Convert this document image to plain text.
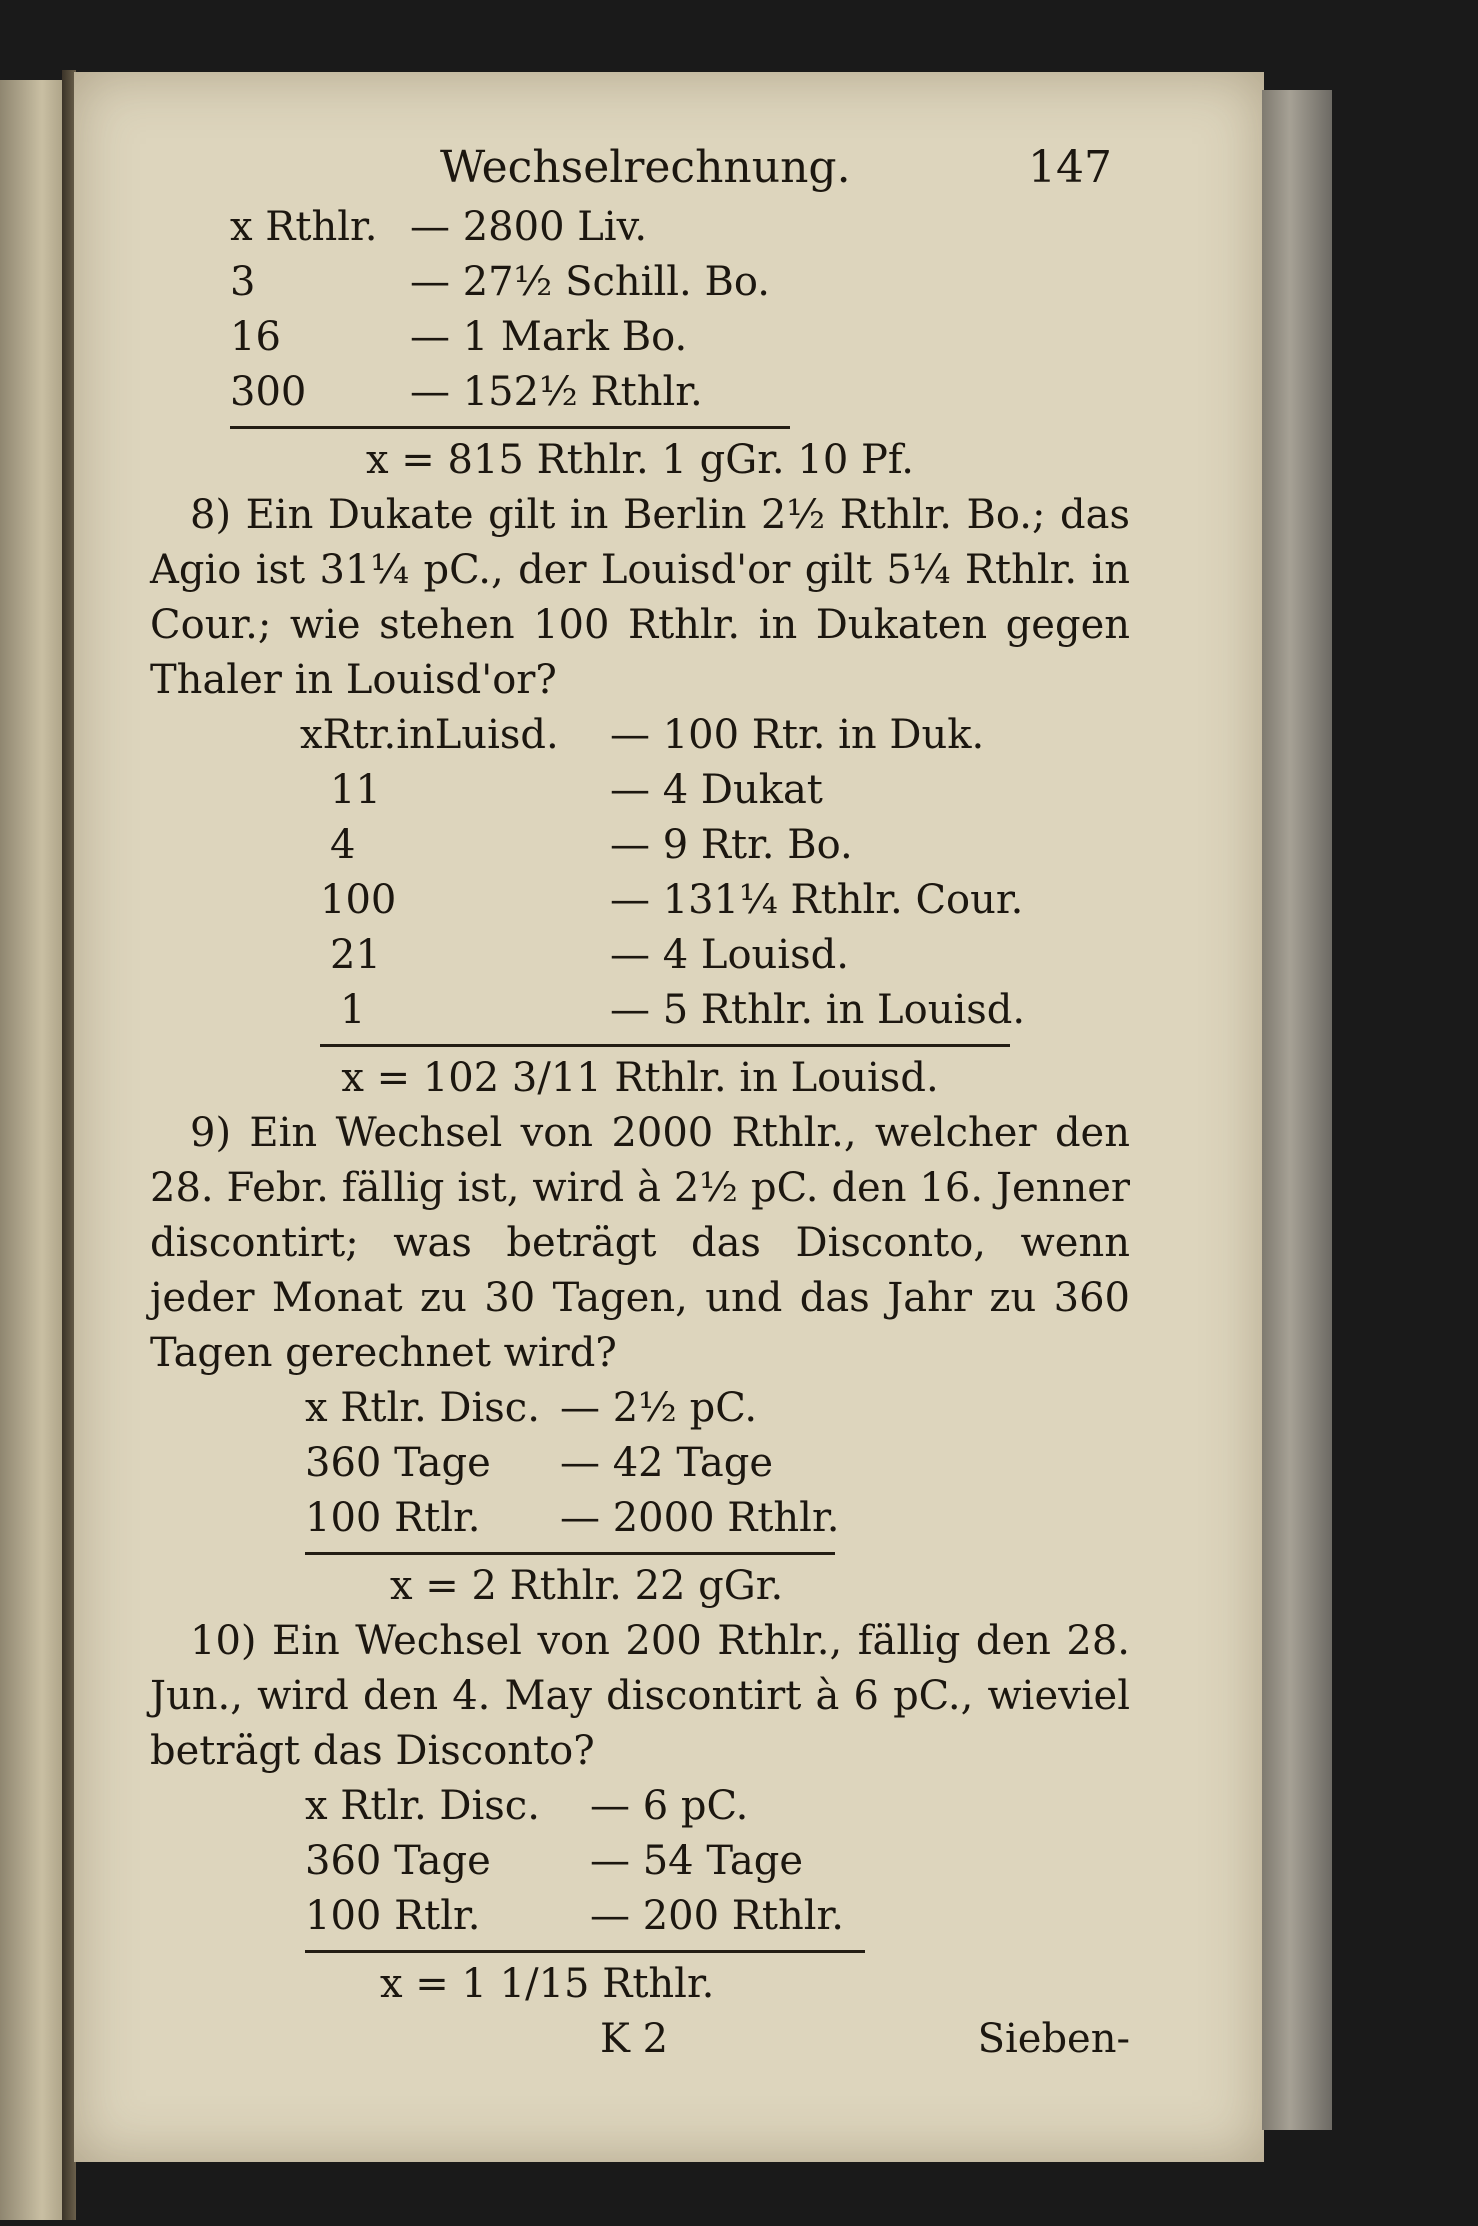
Wechselrechnung.	147
x Rthlr. — 2800 Liv.
3	— 27½ Schill. Bo.
16	— 1 Mark Bo.
300	— 152½ Rthlr.
x = 815 Rthlr. 1 gGr. 10 Pf.

8) Ein Dukate gilt in Berlin 2½ Rthlr. Bo.; das Agio ist 31¼ pC., der Louisd'or gilt 5¼ Rthlr. in Cour.; wie stehen 100 Rthlr. in Dukaten gegen Thaler in Louisd'or?

xRtr.inLuisd. — 100 Rtr. in Duk.
11	— 4 Dukat
4	— 9 Rtr. Bo.
100	— 131¼ Rthlr. Cour.
21	— 4 Louisd.
1	— 5 Rthlr. in Louisd.
x = 102 3/11 Rthlr. in Louisd.

9) Ein Wechsel von 2000 Rthlr., welcher den 28. Febr. fällig ist, wird à 2½ pC. den 16. Jenner discontirt; was beträgt das Disconto, wenn jeder Monat zu 30 Tagen, und das Jahr zu 360 Tagen gerechnet wird?

x Rtlr. Disc. — 2½ pC.
360 Tage — 42 Tage
100 Rtlr. — 2000 Rthlr.
x = 2 Rthlr. 22 gGr.

10) Ein Wechsel von 200 Rthlr., fällig den 28. Jun., wird den 4. May discontirt à 6 pC., wieviel beträgt das Disconto?

x Rtlr. Disc. — 6 pC.
360 Tage — 54 Tage
100 Rtlr.	— 200 Rthlr.
x = 1 1/15 Rthlr.
K 2	Sieben-
